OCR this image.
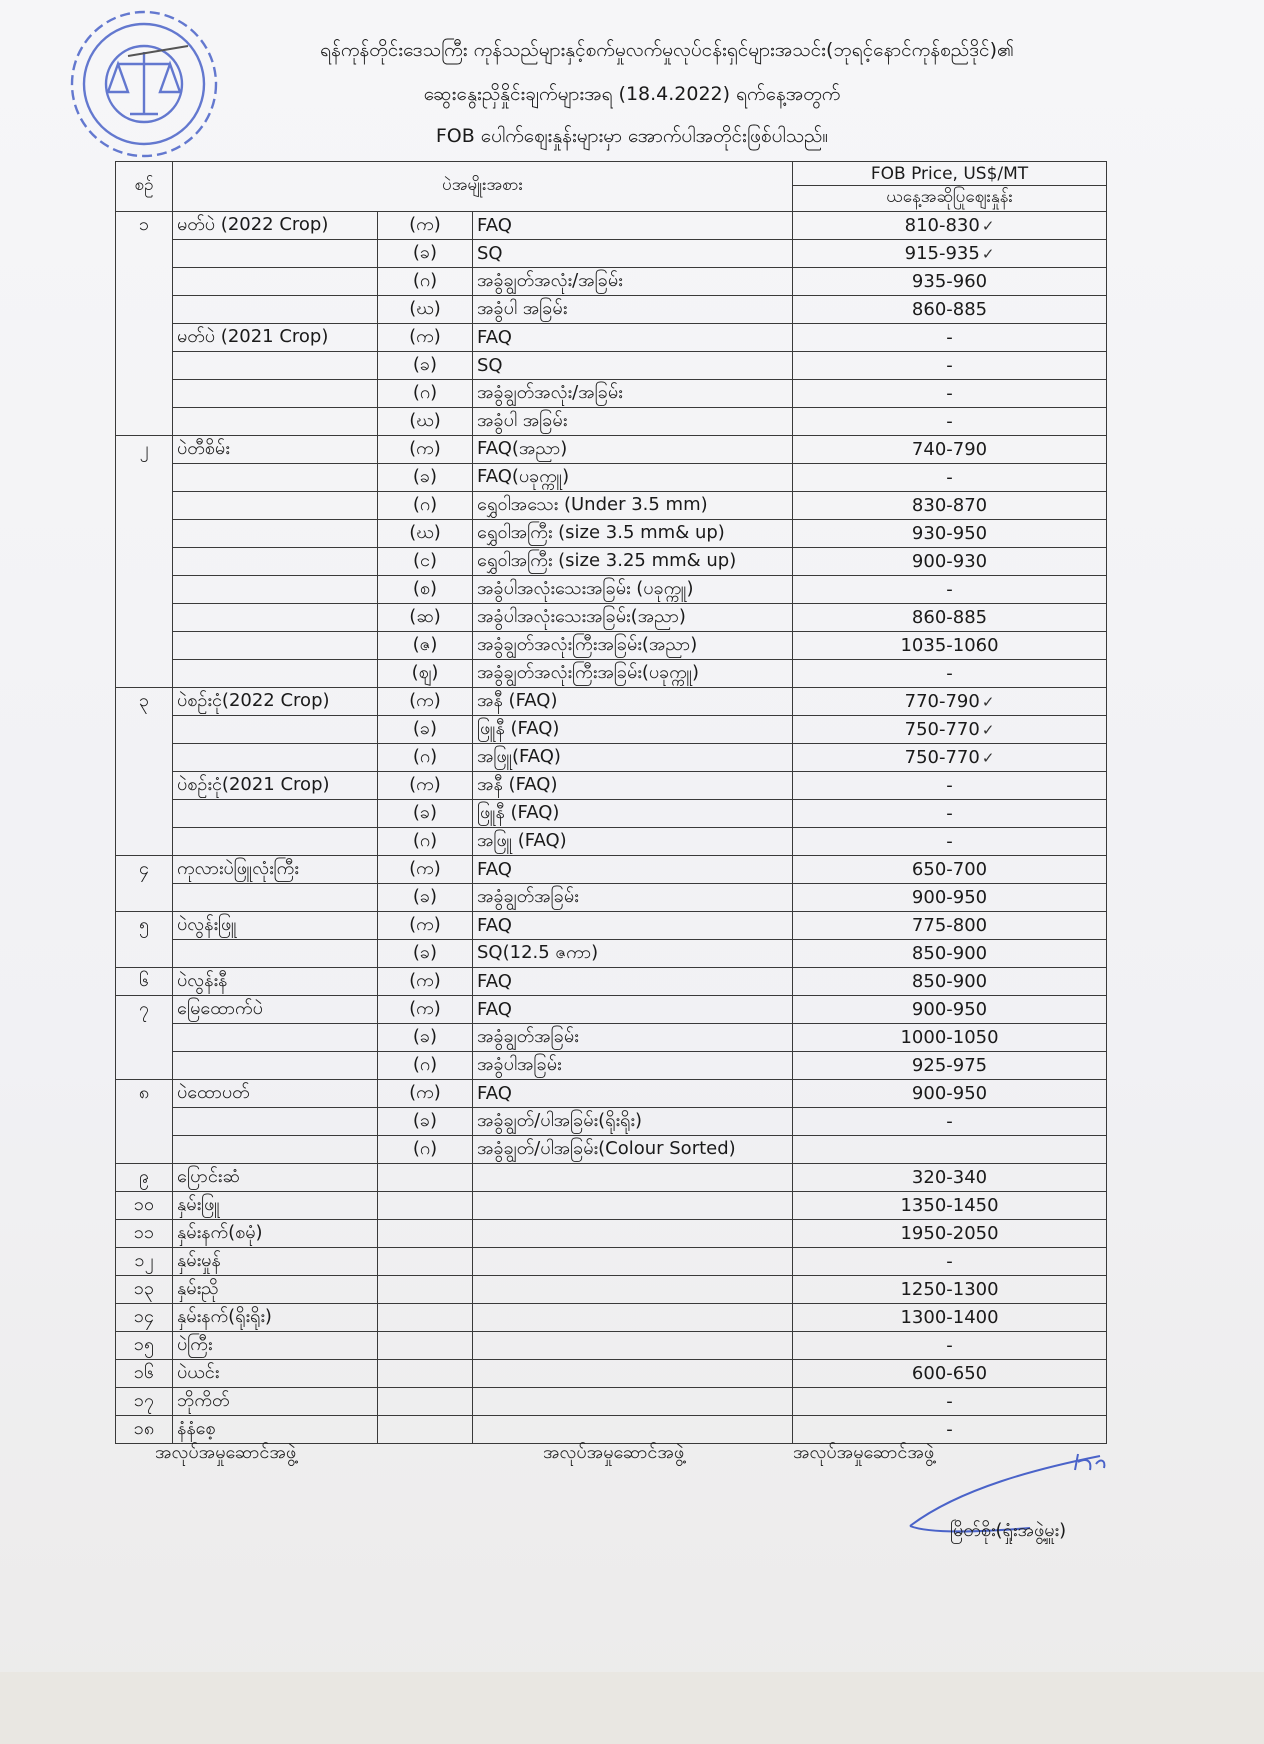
ရန်ကုန်တိုင်းဒေသကြီး ကုန်သည်များနှင့်စက်မှုလက်မှုလုပ်ငန်းရှင်များအသင်း(ဘုရင့်နောင်ကုန်စည်ဒိုင်)၏
ဆွေးနွေးညှိနှိုင်းချက်များအရ (18.4.2022) ရက်နေ့အတွက်
FOB ပေါက်ဈေးနှုန်းများမှာ အောက်ပါအတိုင်းဖြစ်ပါသည်။
စဥ်	ပဲအမျိုးအစား			FOB Price, US$/MT
				ယနေ့အဆိုပြုဈေးနှုန်း
၁	မတ်ပဲ (2022 Crop)	(က)	FAQ	810-830 ✓
		(ခ)	SQ	915-935 ✓
		(ဂ)	အခွံချွတ်အလုံး/အခြမ်း	935-960
		(ဃ)	အခွံပါ အခြမ်း	860-885
	မတ်ပဲ (2021 Crop)	(က)	FAQ	-
		(ခ)	SQ	-
		(ဂ)	အခွံချွတ်အလုံး/အခြမ်း	-
		(ဃ)	အခွံပါ အခြမ်း	-
၂	ပဲတီစိမ်း	(က)	FAQ(အညာ)	740-790
		(ခ)	FAQ(ပခုက္ကူ)	-
		(ဂ)	ရွှေဝါအသေး (Under 3.5 mm)	830-870
		(ဃ)	ရွှေဝါအကြီး (size 3.5 mm& up)	930-950
		(င)	ရွှေဝါအကြီး (size 3.25 mm& up)	900-930
		(စ)	အခွံပါအလုံးသေးအခြမ်း (ပခုက္ကူ)	-
		(ဆ)	အခွံပါအလုံးသေးအခြမ်း(အညာ)	860-885
		(ဇ)	အခွံချွတ်အလုံးကြီးအခြမ်း(အညာ)	1035-1060
		(ဈ)	အခွံချွတ်အလုံးကြီးအခြမ်း(ပခုက္ကူ)	-
၃	ပဲစဥ်းငုံ(2022 Crop)	(က)	အနီ (FAQ)	770-790 ✓
		(ခ)	ဖြူနီ (FAQ)	750-770 ✓
		(ဂ)	အဖြူ(FAQ)	750-770 ✓
	ပဲစဥ်းငုံ(2021 Crop)	(က)	အနီ (FAQ)	-
		(ခ)	ဖြူနီ (FAQ)	-
		(ဂ)	အဖြူ (FAQ)	-
၄	ကုလားပဲဖြူလုံးကြီး	(က)	FAQ	650-700
		(ခ)	အခွံချွတ်အခြမ်း	900-950
၅	ပဲလွန်းဖြူ	(က)	FAQ	775-800
		(ခ)	SQ(12.5 ဇကာ)	850-900
၆	ပဲလွန်းနီ	(က)	FAQ	850-900
၇	မြေထောက်ပဲ	(က)	FAQ	900-950
		(ခ)	အခွံချွတ်အခြမ်း	1000-1050
		(ဂ)	အခွံပါအခြမ်း	925-975
၈	ပဲထောပတ်	(က)	FAQ	900-950
		(ခ)	အခွံချွတ်/ပါအခြမ်း(ရိုးရိုး)	-
		(ဂ)	အခွံချွတ်/ပါအခြမ်း(Colour Sorted)	
၉	ပြောင်းဆံ			320-340
၁၀	နှမ်းဖြူ			1350-1450
၁၁	နှမ်းနက်(စမုံ)			1950-2050
၁၂	နှမ်းမှုန်			-
၁၃	နှမ်းညို			1250-1300
၁၄	နှမ်းနက်(ရိုးရိုး)			1300-1400
၁၅	ပဲကြီး			-
၁၆	ပဲယင်း			600-650
၁၇	ဘိုကိတ်			-
၁၈	နံနံစေ့			-
အလုပ်အမှုဆောင်အဖွဲ့	အလုပ်အမှုဆောင်အဖွဲ့	အလုပ်အမှုဆောင်အဖွဲ့
မြိတ်စိုး(ရှုံးအဖွဲ့မှူး)
